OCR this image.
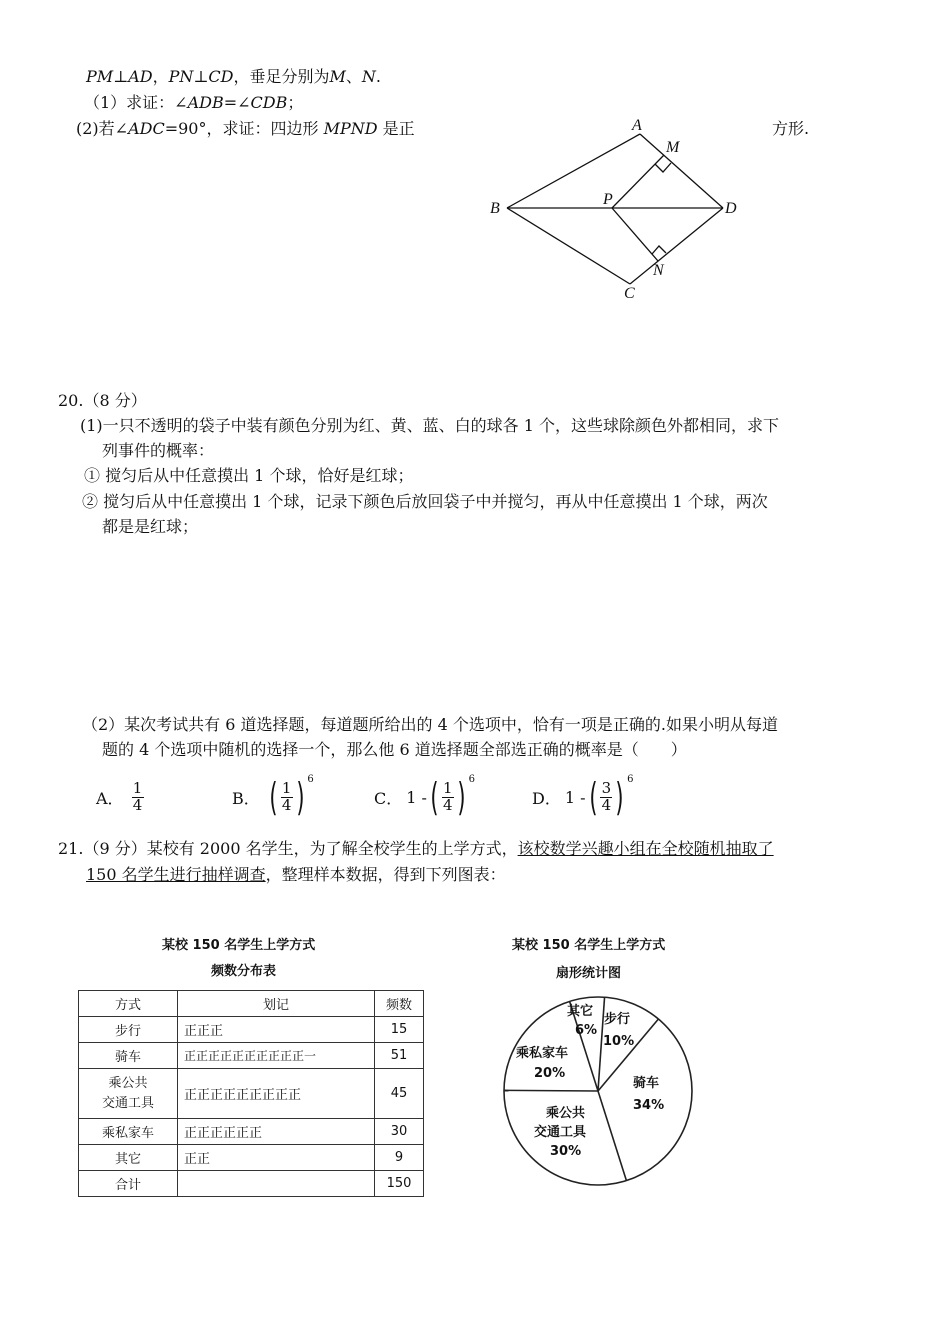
PM⊥AD，PN⊥CD，垂足分别为M、N.
（1）求证：∠ADB=∠CDB；
(2)若∠ADC=90°，求证：四边形 MPND 是正	方形.
A
B
C
D
P
M
N
20.（8 分）
(1)一只不透明的袋子中装有颜色分别为红、黄、蓝、白的球各 1 个，这些球除颜色外都相同，求下
列事件的概率：
① 搅匀后从中任意摸出 1 个球，恰好是红球；
② 搅匀后从中任意摸出 1 个球，记录下颜色后放回袋子中并搅匀，再从中任意摸出 1 个球，两次
都是是红球；
（2）某次考试共有 6 道选择题，每道题所给出的 4 个选项中，恰有一项是正确的.如果小明从每道
题的 4 个选项中随机的选择一个，那么他 6 道选择题全部选正确的概率是（　　）
A． $\frac{1}{4}$	B． ( $\frac{1}{4}$ ) $^6$
C． 1 - ( $\frac{1}{4}$ ) $^6$
D． 1 - ( $\frac{3}{4}$ ) $^6$
21.（9 分）某校有 2000 名学生，为了解全校学生的上学方式，该校数学兴趣小组在全校随机抽取了
150 名学生进行抽样调查，整理样本数据，得到下列图表：
某校 150 名学生上学方式
频数分布表
方式	划记	频数
步行	正正正	15
骑车	正正正正正正正正正正一	51
乘公共
交通工具	正正正正正正正正正	45
乘私家车	正正正正正正	30
其它	正正	9
合计		150
某校 150 名学生上学方式
扇形统计图
其它
6%
步行
10%
乘私家车
20%
骑车
34%
乘公共
交通工具
30%
